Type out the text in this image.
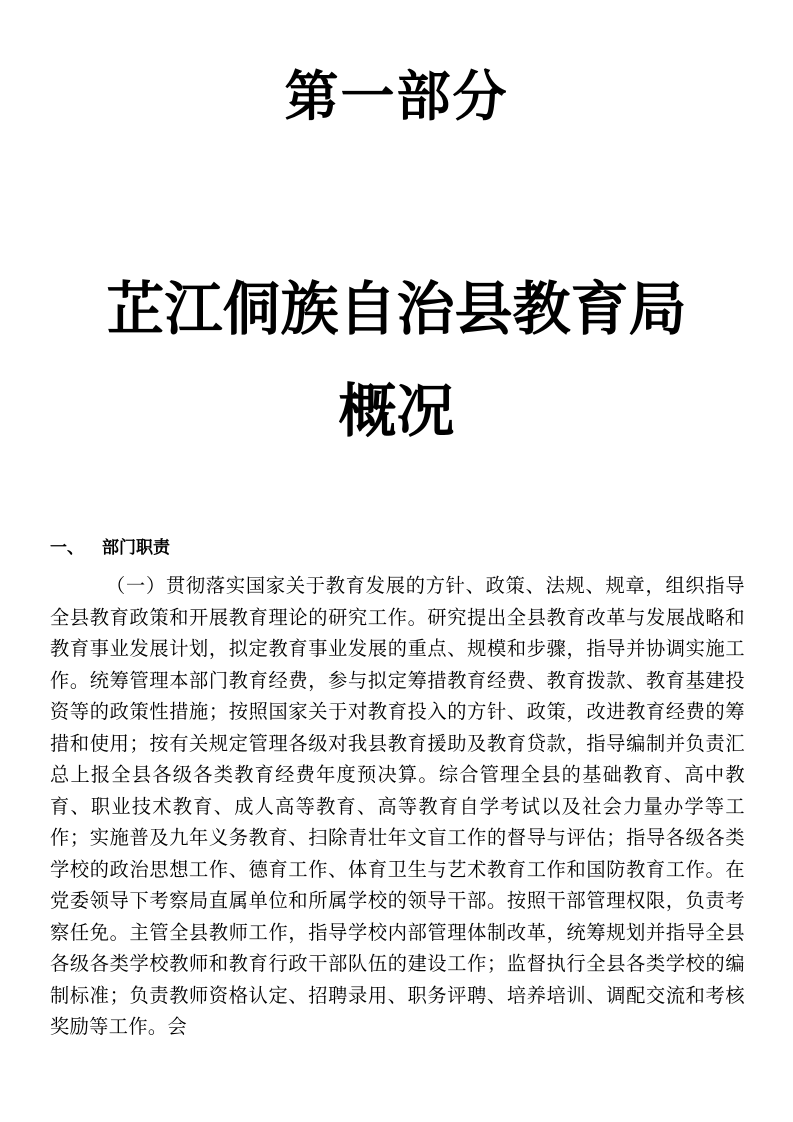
第一部分
芷江侗族自治县教育局
概况
一、 部门职责

（一）贯彻落实国家关于教育发展的方针、政策、法规、规章，组织指导全县教育政策和开展教育理论的研究工作。研究提出全县教育改革与发展战略和教育事业发展计划，拟定教育事业发展的重点、规模和步骤，指导并协调实施工作。统筹管理本部门教育经费，参与拟定筹措教育经费、教育拨款、教育基建投资等的政策性措施；按照国家关于对教育投入的方针、政策，改进教育经费的筹措和使用；按有关规定管理各级对我县教育援助及教育贷款，指导编制并负责汇总上报全县各级各类教育经费年度预决算。综合管理全县的基础教育、高中教育、职业技术教育、成人高等教育、高等教育自学考试以及社会力量办学等工作；实施普及九年义务教育、扫除青壮年文盲工作的督导与评估；指导各级各类学校的政治思想工作、德育工作、体育卫生与艺术教育工作和国防教育工作。在党委领导下考察局直属单位和所属学校的领导干部。按照干部管理权限，负责考察任免。主管全县教师工作，指导学校内部管理体制改革，统筹规划并指导全县各级各类学校教师和教育行政干部队伍的建设工作；监督执行全县各类学校的编制标准；负责教师资格认定、招聘录用、职务评聘、培养培训、调配交流和考核奖励等工作。会
